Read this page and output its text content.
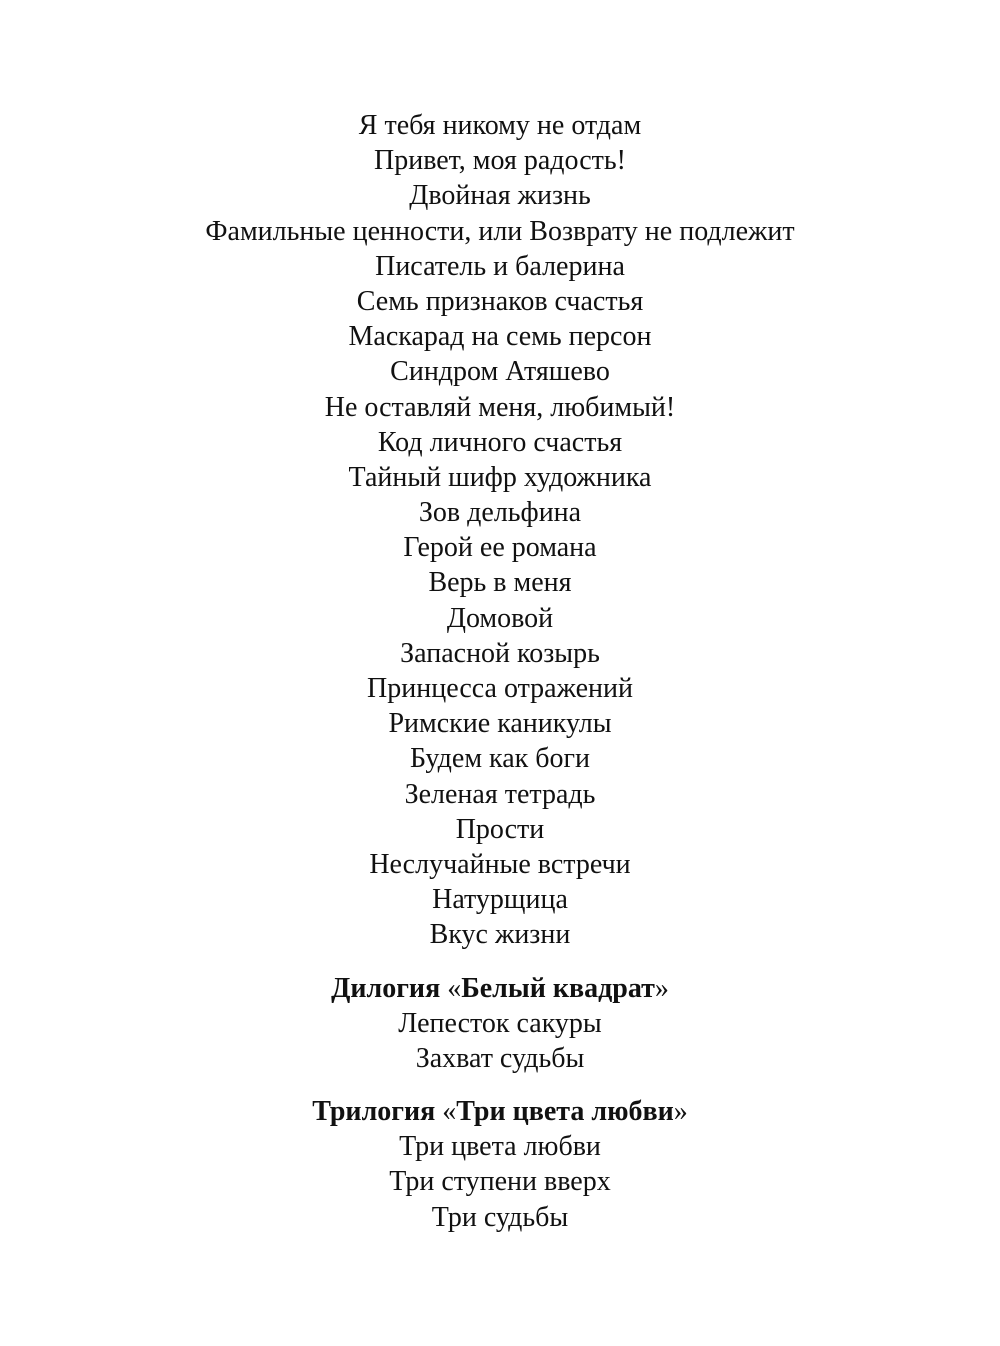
Я тебя никому не отдам
Привет, моя радость!
Двойная жизнь
Фамильные ценности, или Возврату не подлежит
Писатель и балерина
Семь признаков счастья
Маскарад на семь персон
Синдром Атяшево
Не оставляй меня, любимый!
Код личного счастья
Тайный шифр художника
Зов дельфина
Герой ее романа
Верь в меня
Домовой
Запасной козырь
Принцесса отражений
Римские каникулы
Будем как боги
Зеленая тетрадь
Прости
Неслучайные встречи
Натурщица
Вкус жизни
Дилогия «Белый квадрат»
Лепесток сакуры
Захват судьбы
Трилогия «Три цвета любви»
Три цвета любви
Три ступени вверх
Три судьбы
